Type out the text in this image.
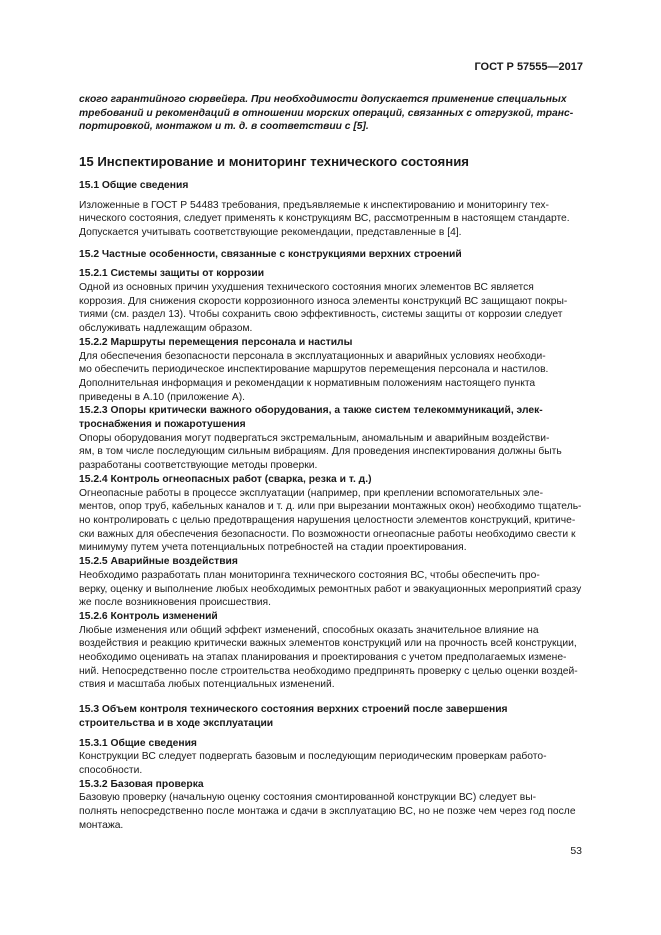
ГОСТ Р 57555—2017

ского гарантийного сюрвейера. При необходимости допускается применение специальных
требований и рекомендаций в отношении морских операций, связанных с отгрузкой, транс-
портировкой, монтажом и т. д. в соответствии с [5].

15 Инспектирование и мониторинг технического состояния

15.1 Общие сведения

Изложенные в ГОСТ Р 54483 требования, предъявляемые к инспектированию и мониторингу тех-
нического состояния, следует применять к конструкциям ВС, рассмотренным в настоящем стандарте.
Допускается учитывать соответствующие рекомендации, представленные в [4].

15.2 Частные особенности, связанные с конструкциями верхних строений

15.2.1 Системы защиты от коррозии

Одной из основных причин ухудшения технического состояния многих элементов ВС является
коррозия. Для снижения скорости коррозионного износа элементы конструкций ВС защищают покры-
тиями (см. раздел 13). Чтобы сохранить свою эффективность, системы защиты от коррозии следует
обслуживать надлежащим образом.

15.2.2 Маршруты перемещения персонала и настилы

Для обеспечения безопасности персонала в эксплуатационных и аварийных условиях необходи-
мо обеспечить периодическое инспектирование маршрутов перемещения персонала и настилов.
Дополнительная информация и рекомендации к нормативным положениям настоящего пункта
приведены в А.10 (приложение А).

15.2.3 Опоры критически важного оборудования, а также систем телекоммуникаций, элек-
троснабжения и пожаротушения

Опоры оборудования могут подвергаться экстремальным, аномальным и аварийным воздействи-
ям, в том числе последующим сильным вибрациям. Для проведения инспектирования должны быть
разработаны соответствующие методы проверки.

15.2.4 Контроль огнеопасных работ (сварка, резка и т. д.)

Огнеопасные работы в процессе эксплуатации (например, при креплении вспомогательных эле-
ментов, опор труб, кабельных каналов и т. д. или при вырезании монтажных окон) необходимо тщатель-
но контролировать с целью предотвращения нарушения целостности элементов конструкций, критиче-
ски важных для обеспечения безопасности. По возможности огнеопасные работы необходимо свести к
минимуму путем учета потенциальных потребностей на стадии проектирования.

15.2.5 Аварийные воздействия

Необходимо разработать план мониторинга технического состояния ВС, чтобы обеспечить про-
верку, оценку и выполнение любых необходимых ремонтных работ и эвакуационных мероприятий сразу
же после возникновения происшествия.

15.2.6 Контроль изменений

Любые изменения или общий эффект изменений, способных оказать значительное влияние на
воздействия и реакцию критически важных элементов конструкций или на прочность всей конструкции,
необходимо оценивать на этапах планирования и проектирования с учетом предполагаемых измене-
ний. Непосредственно после строительства необходимо предпринять проверку с целью оценки воздей-
ствия и масштаба любых потенциальных изменений.

15.3 Объем контроля технического состояния верхних строений после завершения
строительства и в ходе эксплуатации

15.3.1 Общие сведения

Конструкции ВС следует подвергать базовым и последующим периодическим проверкам работо-
способности.

15.3.2 Базовая проверка

Базовую проверку (начальную оценку состояния смонтированной конструкции ВС) следует вы-
полнять непосредственно после монтажа и сдачи в эксплуатацию ВС, но не позже чем через год после
монтажа.

53
